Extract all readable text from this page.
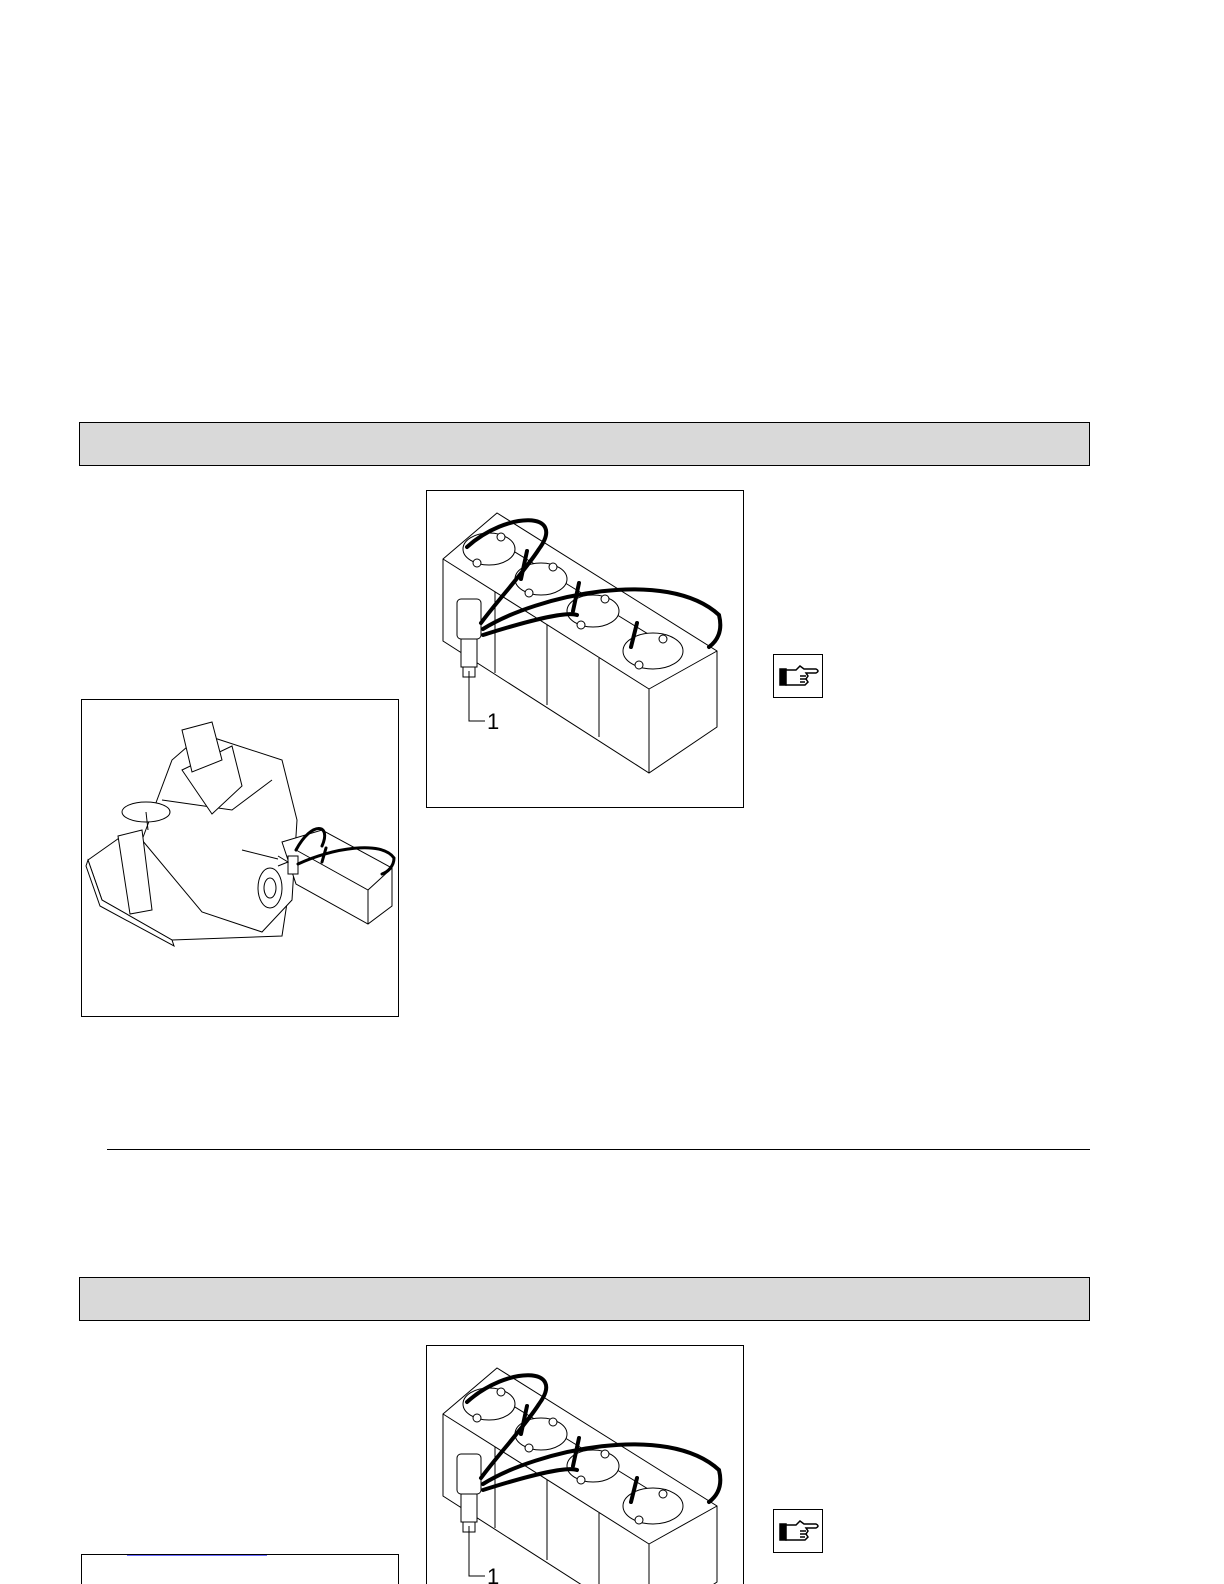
1
1
